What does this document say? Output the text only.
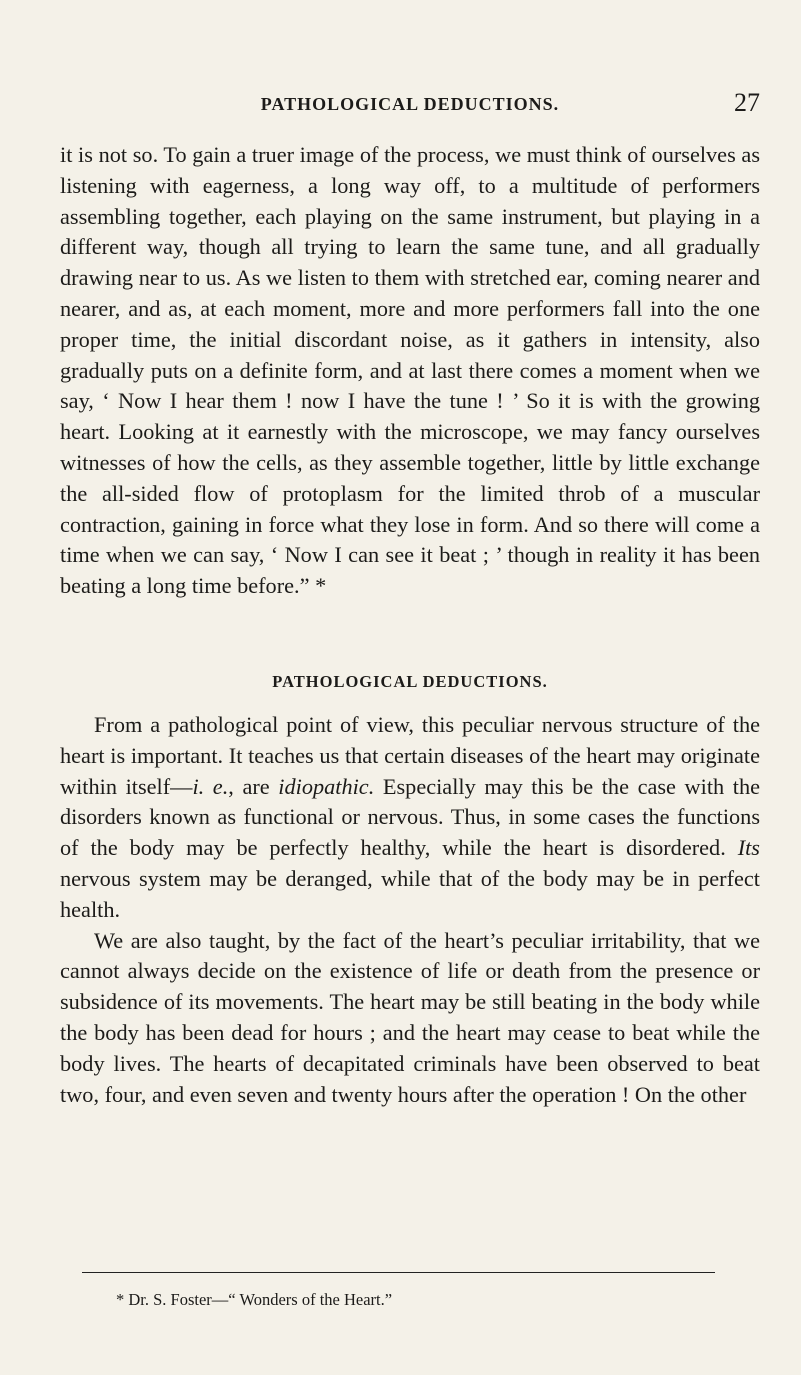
PATHOLOGICAL DEDUCTIONS.	27

it is not so. To gain a truer image of the process, we must think of ourselves as listening with eagerness, a long way off, to a multitude of performers assembling together, each playing on the same instrument, but playing in a different way, though all trying to learn the same tune, and all gradually drawing near to us. As we listen to them with stretched ear, coming nearer and nearer, and as, at each moment, more and more performers fall into the one proper time, the initial discordant noise, as it gathers in intensity, also gradually puts on a definite form, and at last there comes a moment when we say, ‘ Now I hear them ! now I have the tune ! ’ So it is with the growing heart. Looking at it earnestly with the microscope, we may fancy ourselves witnesses of how the cells, as they assemble together, little by little exchange the all-sided flow of protoplasm for the limited throb of a muscular contraction, gaining in force what they lose in form. And so there will come a time when we can say, ‘ Now I can see it beat ; ’ though in reality it has been beating a long time before.” *

PATHOLOGICAL DEDUCTIONS.

From a pathological point of view, this peculiar nervous structure of the heart is important. It teaches us that certain diseases of the heart may originate within itself—i. e., are idiopathic. Especially may this be the case with the disorders known as functional or nervous. Thus, in some cases the functions of the body may be perfectly healthy, while the heart is disordered. Its nervous system may be deranged, while that of the body may be in perfect health.

We are also taught, by the fact of the heart’s peculiar irritability, that we cannot always decide on the existence of life or death from the presence or subsidence of its movements. The heart may be still beating in the body while the body has been dead for hours ; and the heart may cease to beat while the body lives. The hearts of decapitated criminals have been observed to beat two, four, and even seven and twenty hours after the operation ! On the other

* Dr. S. Foster—“ Wonders of the Heart.”
